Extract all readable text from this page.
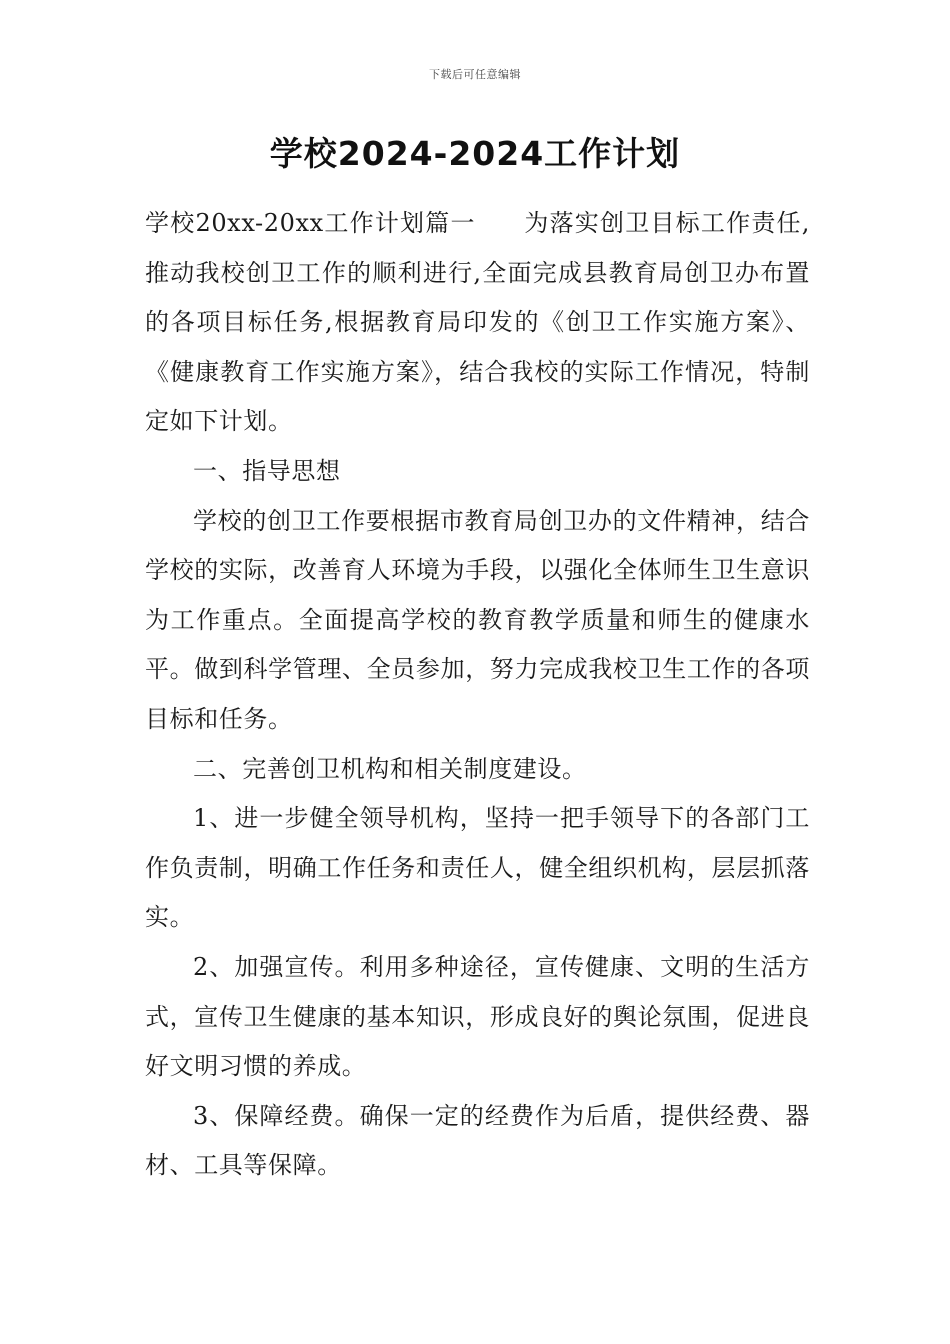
下载后可任意编辑
学校2024-2024工作计划

学校20xx-20xx工作计划篇一 为落实创卫目标工作责任,推动我校创卫工作的顺利进行,全面完成县教育局创卫办布置的各项目标任务,根据教育局印发的《创卫工作实施方案》、《健康教育工作实施方案》，结合我校的实际工作情况，特制定如下计划。

一、指导思想

学校的创卫工作要根据市教育局创卫办的文件精神，结合学校的实际，改善育人环境为手段，以强化全体师生卫生意识为工作重点。全面提高学校的教育教学质量和师生的健康水平。做到科学管理、全员参加，努力完成我校卫生工作的各项目标和任务。

二、完善创卫机构和相关制度建设。

1、进一步健全领导机构，坚持一把手领导下的各部门工作负责制，明确工作任务和责任人，健全组织机构，层层抓落实。

2、加强宣传。利用多种途径，宣传健康、文明的生活方式，宣传卫生健康的基本知识，形成良好的舆论氛围，促进良好文明习惯的养成。

3、保障经费。确保一定的经费作为后盾，提供经费、器材、工具等保障。
